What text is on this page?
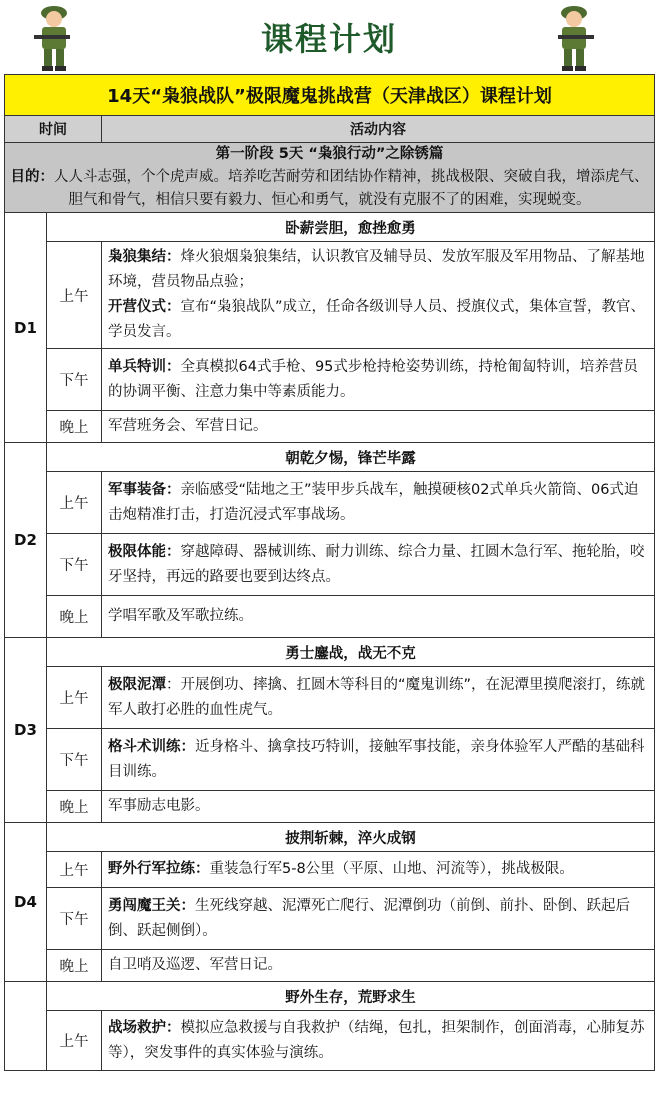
课程计划
14天“枭狼战队”极限魔鬼挑战营（天津战区）课程计划		
时间		活动内容

第一阶段 5天 “枭狼行动”之除锈篇
目的：人人斗志强，个个虎声威。培养吃苦耐劳和团结协作精神，挑战极限、突破自我，增添虎气、胆气和骨气，相信只要有毅力、恒心和勇气，就没有克服不了的困难，实现蜕变。		
D1	卧薪尝胆，愈挫愈勇	
	上午	枭狼集结：烽火狼烟枭狼集结，认识教官及辅导员、发放军服及军用物品、了解基地环境，营员物品点验；

开营仪式：宣布“枭狼战队”成立，任命各级训导人员、授旗仪式，集体宣誓，教官、学员发言。

	下午	单兵特训：全真模拟64式手枪、95式步枪持枪姿势训练，持枪匍匐特训，培养营员的协调平衡、注意力集中等素质能力。

	晚上	军营班务会、军营日记。

D2	朝乾夕惕，锋芒毕露	
	上午	军事装备：亲临感受“陆地之王”装甲步兵战车，触摸硬核02式单兵火箭筒、06式迫击炮精准打击，打造沉浸式军事战场。

	下午	极限体能：穿越障碍、器械训练、耐力训练、综合力量、扛圆木急行军、拖轮胎，咬牙坚持，再远的路要也要到达终点。

	晚上	学唱军歌及军歌拉练。

D3	勇士鏖战，战无不克	
	上午	极限泥潭：开展倒功、摔擒、扛圆木等科目的“魔鬼训练”，在泥潭里摸爬滚打，练就军人敢打必胜的血性虎气。

	下午	格斗术训练：近身格斗、擒拿技巧特训，接触军事技能，亲身体验军人严酷的基础科目训练。

	晚上	军事励志电影。

D4	披荆斩棘，淬火成钢	
	上午	野外行军拉练：重装急行军5-8公里（平原、山地、河流等），挑战极限。

	下午	勇闯魔王关：生死线穿越、泥潭死亡爬行、泥潭倒功（前倒、前扑、卧倒、跃起后倒、跃起侧倒）。

	晚上	自卫哨及巡逻、军营日记。

	野外生存，荒野求生	
	上午	战场救护：模拟应急救援与自我救护（结绳，包扎，担架制作，创面消毒，心肺复苏等），突发事件的真实体验与演练。
